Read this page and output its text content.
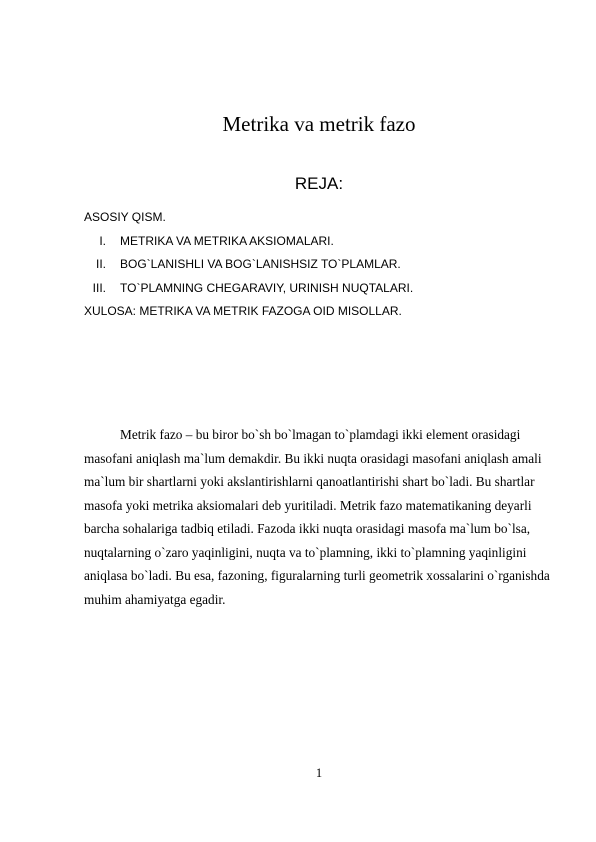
Metrika va metrik fazo
REJA:
ASOSIY QISM.
I. METRIKA VA METRIKA AKSIOMALARI.
II. BOG`LANISHLI VA BOG`LANISHSIZ TO`PLAMLAR.
III. TO`PLAMNING CHEGARAVIY, URINISH NUQTALARI.
XULOSA: METRIKA VA METRIK FAZOGA OID MISOLLAR.

Metrik fazo – bu biror bo`sh bo`lmagan to`plamdagi ikki element orasidagi masofani aniqlash ma`lum demakdir. Bu ikki nuqta orasidagi masofani aniqlash amali ma`lum bir shartlarni yoki akslantirishlarni qanoatlantirishi shart bo`ladi. Bu shartlar masofa yoki metrika aksiomalari deb yuritiladi. Metrik fazo matematikaning deyarli barcha sohalariga tadbiq etiladi. Fazoda ikki nuqta orasidagi masofa ma`lum bo`lsa, nuqtalarning o`zaro yaqinligini, nuqta va to`plamning, ikki to`plamning yaqinligini aniqlasa bo`ladi. Bu esa, fazoning, figuralarning turli geometrik xossalarini o`rganishda muhim ahamiyatga egadir.

1
